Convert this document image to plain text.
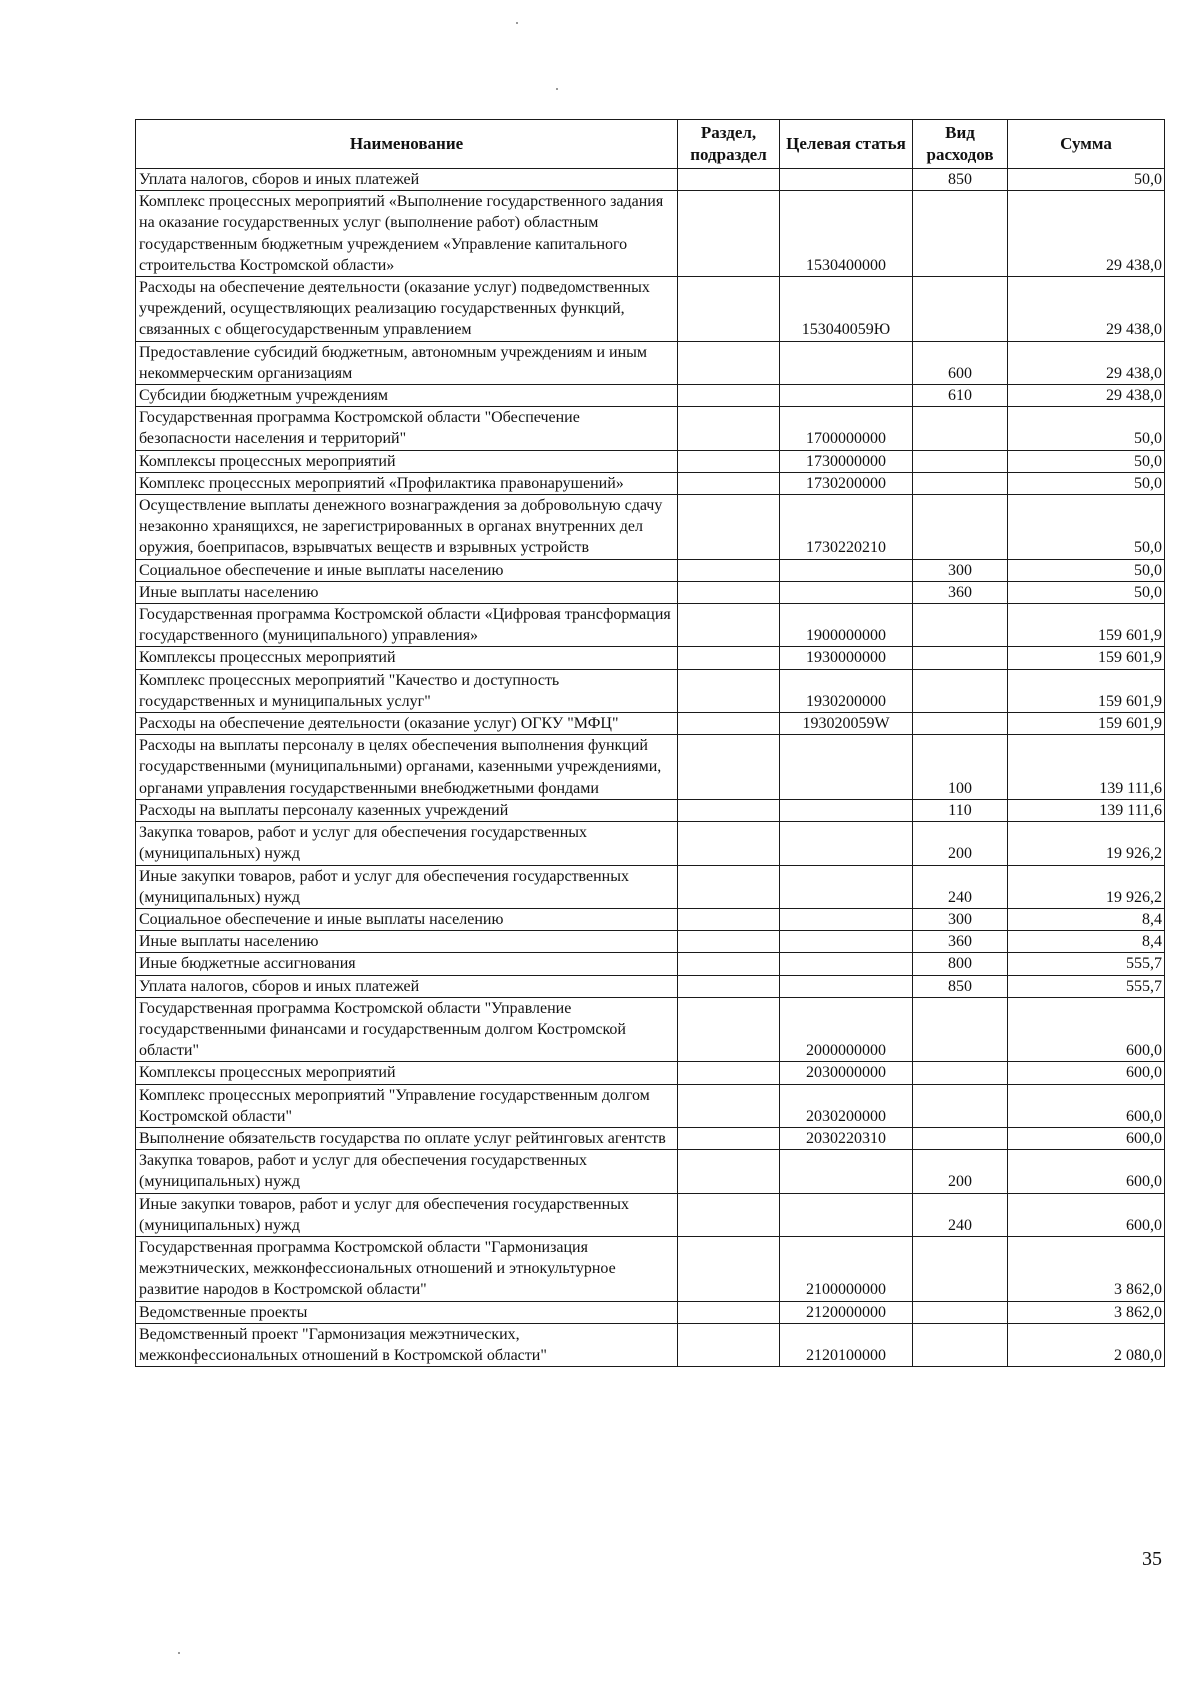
Наименование	Раздел, подраздел	Целевая статья	Вид расходов	Сумма
Уплата налогов, сборов и иных платежей			850	50,0
Комплекс процессных мероприятий «Выполнение государственного задания на оказание государственных услуг (выполнение работ) областным государственным бюджетным учреждением «Управление капитального строительства Костромской области»		1530400000		29 438,0
Расходы на обеспечение деятельности (оказание услуг) подведомственных учреждений, осуществляющих реализацию государственных функций, связанных с общегосударственным управлением		153040059Ю		29 438,0
Предоставление субсидий бюджетным, автономным учреждениям и иным некоммерческим организациям			600	29 438,0
Субсидии бюджетным учреждениям			610	29 438,0
Государственная программа Костромской области "Обеспечение безопасности населения и территорий"		1700000000		50,0
Комплексы процессных мероприятий		1730000000		50,0
Комплекс процессных мероприятий «Профилактика правонарушений»		1730200000		50,0
Осуществление выплаты денежного вознаграждения за добровольную сдачу незаконно хранящихся, не зарегистрированных в органах внутренних дел оружия, боеприпасов, взрывчатых веществ и взрывных устройств		1730220210		50,0
Социальное обеспечение и иные выплаты населению			300	50,0
Иные выплаты населению			360	50,0
Государственная программа Костромской области «Цифровая трансформация государственного (муниципального) управления»		1900000000		159 601,9
Комплексы процессных мероприятий		1930000000		159 601,9
Комплекс процессных мероприятий "Качество и доступность государственных и муниципальных услуг"		1930200000		159 601,9
Расходы на обеспечение деятельности (оказание услуг) ОГКУ "МФЦ"		193020059W		159 601,9
Расходы на выплаты персоналу в целях обеспечения выполнения функций государственными (муниципальными) органами, казенными учреждениями, органами управления государственными внебюджетными фондами			100	139 111,6
Расходы на выплаты персоналу казенных учреждений			110	139 111,6
Закупка товаров, работ и услуг для обеспечения государственных (муниципальных) нужд			200	19 926,2
Иные закупки товаров, работ и услуг для обеспечения государственных (муниципальных) нужд			240	19 926,2
Социальное обеспечение и иные выплаты населению			300	8,4
Иные выплаты населению			360	8,4
Иные бюджетные ассигнования			800	555,7
Уплата налогов, сборов и иных платежей			850	555,7
Государственная программа Костромской области "Управление государственными финансами и государственным долгом Костромской области"		2000000000		600,0
Комплексы процессных мероприятий		2030000000		600,0
Комплекс процессных мероприятий "Управление государственным долгом Костромской области"		2030200000		600,0
Выполнение обязательств государства по оплате услуг рейтинговых агентств		2030220310		600,0
Закупка товаров, работ и услуг для обеспечения государственных (муниципальных) нужд			200	600,0
Иные закупки товаров, работ и услуг для обеспечения государственных (муниципальных) нужд			240	600,0
Государственная программа Костромской области "Гармонизация межэтнических, межконфессиональных отношений и этнокультурное развитие народов в Костромской области"		2100000000		3 862,0
Ведомственные проекты		2120000000		3 862,0
Ведомственный проект "Гармонизация межэтнических, межконфессиональных отношений в Костромской области"		2120100000		2 080,0
35
